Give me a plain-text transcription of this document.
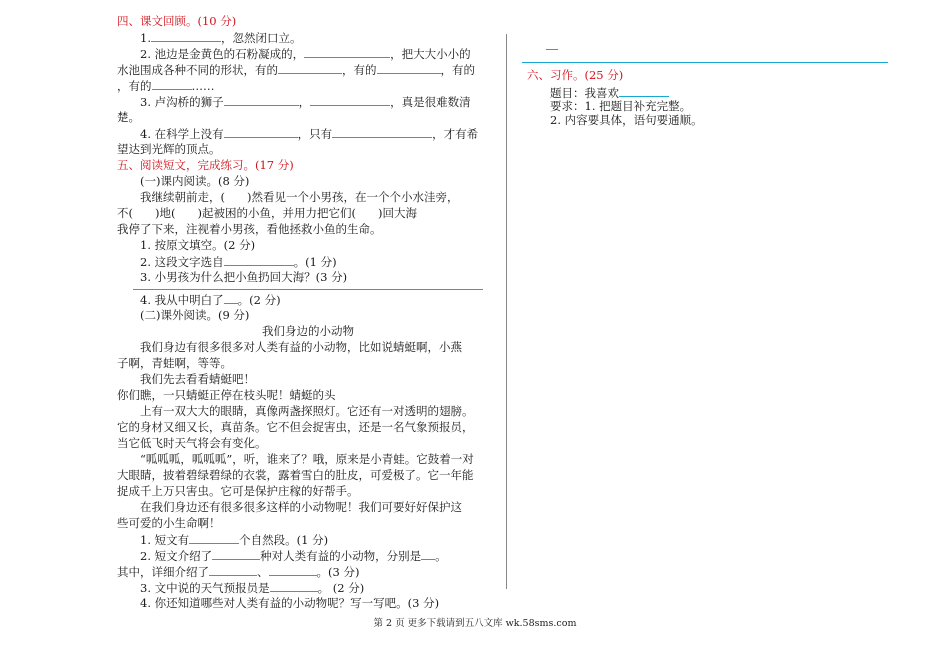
四、课文回顾。(10 分)
1.	，忽然闭口立。
2. 池边是金黄色的石粉凝成的，	，把大大小小的
水池围成各种不同的形状，有的	，有的	，有的
，有的	……
3. 卢沟桥的狮子	，	，真是很难数清
楚。
4. 在科学上没有	，只有	，才有希
望达到光辉的顶点。
五、阅读短文，完成练习。(17 分)
(一)课内阅读。(8 分)
我继续朝前走，( )然看见一个小男孩，在一个个小水洼旁，
不( )地( )起被困的小鱼，并用力把它们( )回大海
我停了下来，注视着小男孩，看他拯救小鱼的生命。
1. 按原文填空。(2 分)
2. 这段文字选自	。(1 分)
3. 小男孩为什么把小鱼扔回大海？(3 分)
4. 我从中明白了 。(2 分)
(二)课外阅读。(9 分)
我们身边的小动物
我们身边有很多很多对人类有益的小动物，比如说蜻蜓啊，小燕
子啊，青蛙啊，等等。
我们先去看看蜻蜓吧！
你们瞧，一只蜻蜓正停在枝头呢！蜻蜓的头
上有一双大大的眼睛，真像两盏探照灯。它还有一对透明的翅膀。
它的身材又细又长，真苗条。它不但会捉害虫，还是一名气象预报员，
当它低飞时天气将会有变化。
“呱呱呱，呱呱呱”，听，谁来了？哦，原来是小青蛙。它鼓着一对
大眼睛，披着碧绿碧绿的衣裳，露着雪白的肚皮，可爱极了。它一年能
捉成千上万只害虫。它可是保护庄稼的好帮手。
在我们身边还有很多很多这样的小动物呢！我们可要好好保护这
些可爱的小生命啊！
六、习作。(25 分)
题目：我喜欢
要求：1. 把题目补充完整。
2. 内容要具体，语句要通顺。
第 2 页 更多下载请到五八文库 wk.58sms.com
1. 短文有	个自然段。(1 分)
2. 短文介绍了	种对人类有益的小动物，分别是 。
其中，详细介绍了	、	。(3 分)
3. 文中说的天气预报员是	。 (2 分)
4. 你还知道哪些对人类有益的小动物呢？写一写吧。(3 分)
